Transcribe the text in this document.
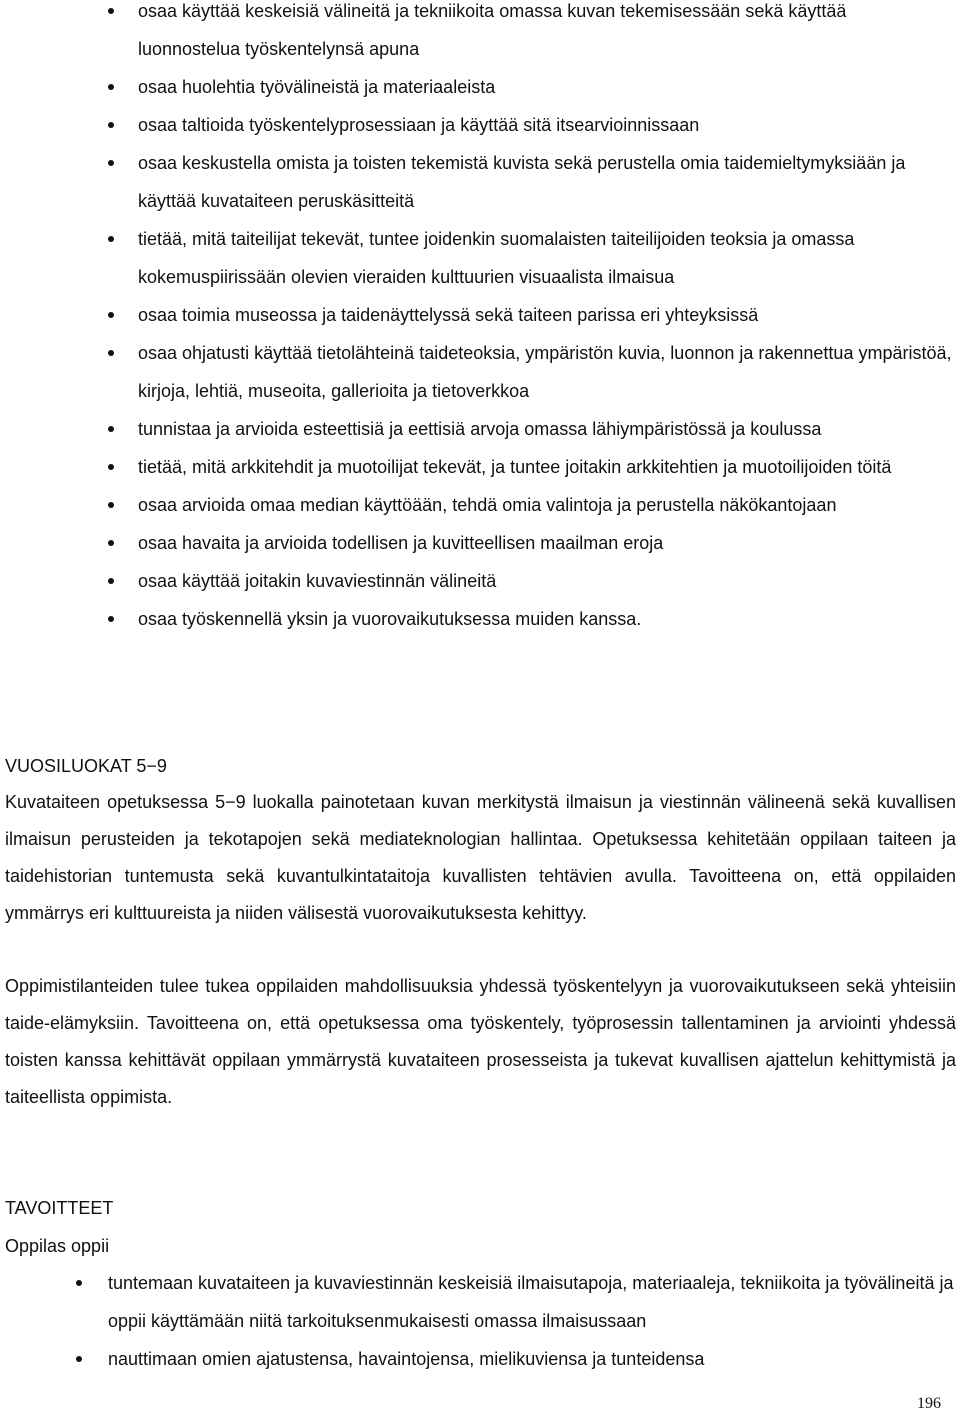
osaa käyttää keskeisiä välineitä ja tekniikoita omassa kuvan tekemisessään sekä käyttää luonnostelua työskentelynsä apuna
osaa huolehtia työvälineistä ja materiaaleista
osaa taltioida työskentelyprosessiaan ja käyttää sitä itsearvioinnissaan
osaa keskustella omista ja toisten tekemistä kuvista sekä perustella omia taidemieltymyksiään ja käyttää kuvataiteen peruskäsitteitä
tietää, mitä taiteilijat tekevät, tuntee joidenkin suomalaisten taiteilijoiden teoksia ja omassa kokemuspiirissään olevien vieraiden kulttuurien visuaalista ilmaisua
osaa toimia museossa ja taidenäyttelyssä sekä taiteen parissa eri yhteyksissä
osaa ohjatusti käyttää tietolähteinä taideteoksia, ympäristön kuvia, luonnon ja rakennettua ympäristöä, kirjoja, lehtiä, museoita, gallerioita ja tietoverkkoa
tunnistaa ja arvioida esteettisiä ja eettisiä arvoja omassa lähiympäristössä ja koulussa
tietää, mitä arkkitehdit ja muotoilijat tekevät, ja tuntee joitakin arkkitehtien ja muotoilijoiden töitä
osaa arvioida omaa median käyttöään, tehdä omia valintoja ja perustella näkökantojaan
osaa havaita ja arvioida todellisen ja kuvitteellisen maailman eroja
osaa käyttää joitakin kuvaviestinnän välineitä
osaa työskennellä yksin ja vuorovaikutuksessa muiden kanssa.
VUOSILUOKAT 5−9

Kuvataiteen opetuksessa 5−9 luokalla painotetaan kuvan merkitystä ilmaisun ja viestinnän välineenä sekä kuvallisen ilmaisun perusteiden ja tekotapojen sekä mediateknologian hallintaa. Opetuksessa kehitetään oppilaan taiteen ja taidehistorian tuntemusta sekä kuvantulkintataitoja kuvallisten tehtävien avulla. Tavoitteena on, että oppilaiden ymmärrys eri kulttuureista ja niiden välisestä vuorovaikutuksesta kehittyy.

Oppimistilanteiden tulee tukea oppilaiden mahdollisuuksia yhdessä työskentelyyn ja vuorovaikutukseen sekä yhteisiin taide-elämyksiin. Tavoitteena on, että opetuksessa oma työskentely, työprosessin tallentaminen ja arviointi yhdessä toisten kanssa kehittävät oppilaan ymmärrystä kuvataiteen prosesseista ja tukevat kuvallisen ajattelun kehittymistä ja taiteellista oppimista.

TAVOITTEET
Oppilas oppii
tuntemaan kuvataiteen ja kuvaviestinnän keskeisiä ilmaisutapoja, materiaaleja, tekniikoita ja työvälineitä ja oppii käyttämään niitä tarkoituksenmukaisesti omassa ilmaisussaan
nauttimaan omien ajatustensa, havaintojensa, mielikuviensa ja tunteidensa
196
